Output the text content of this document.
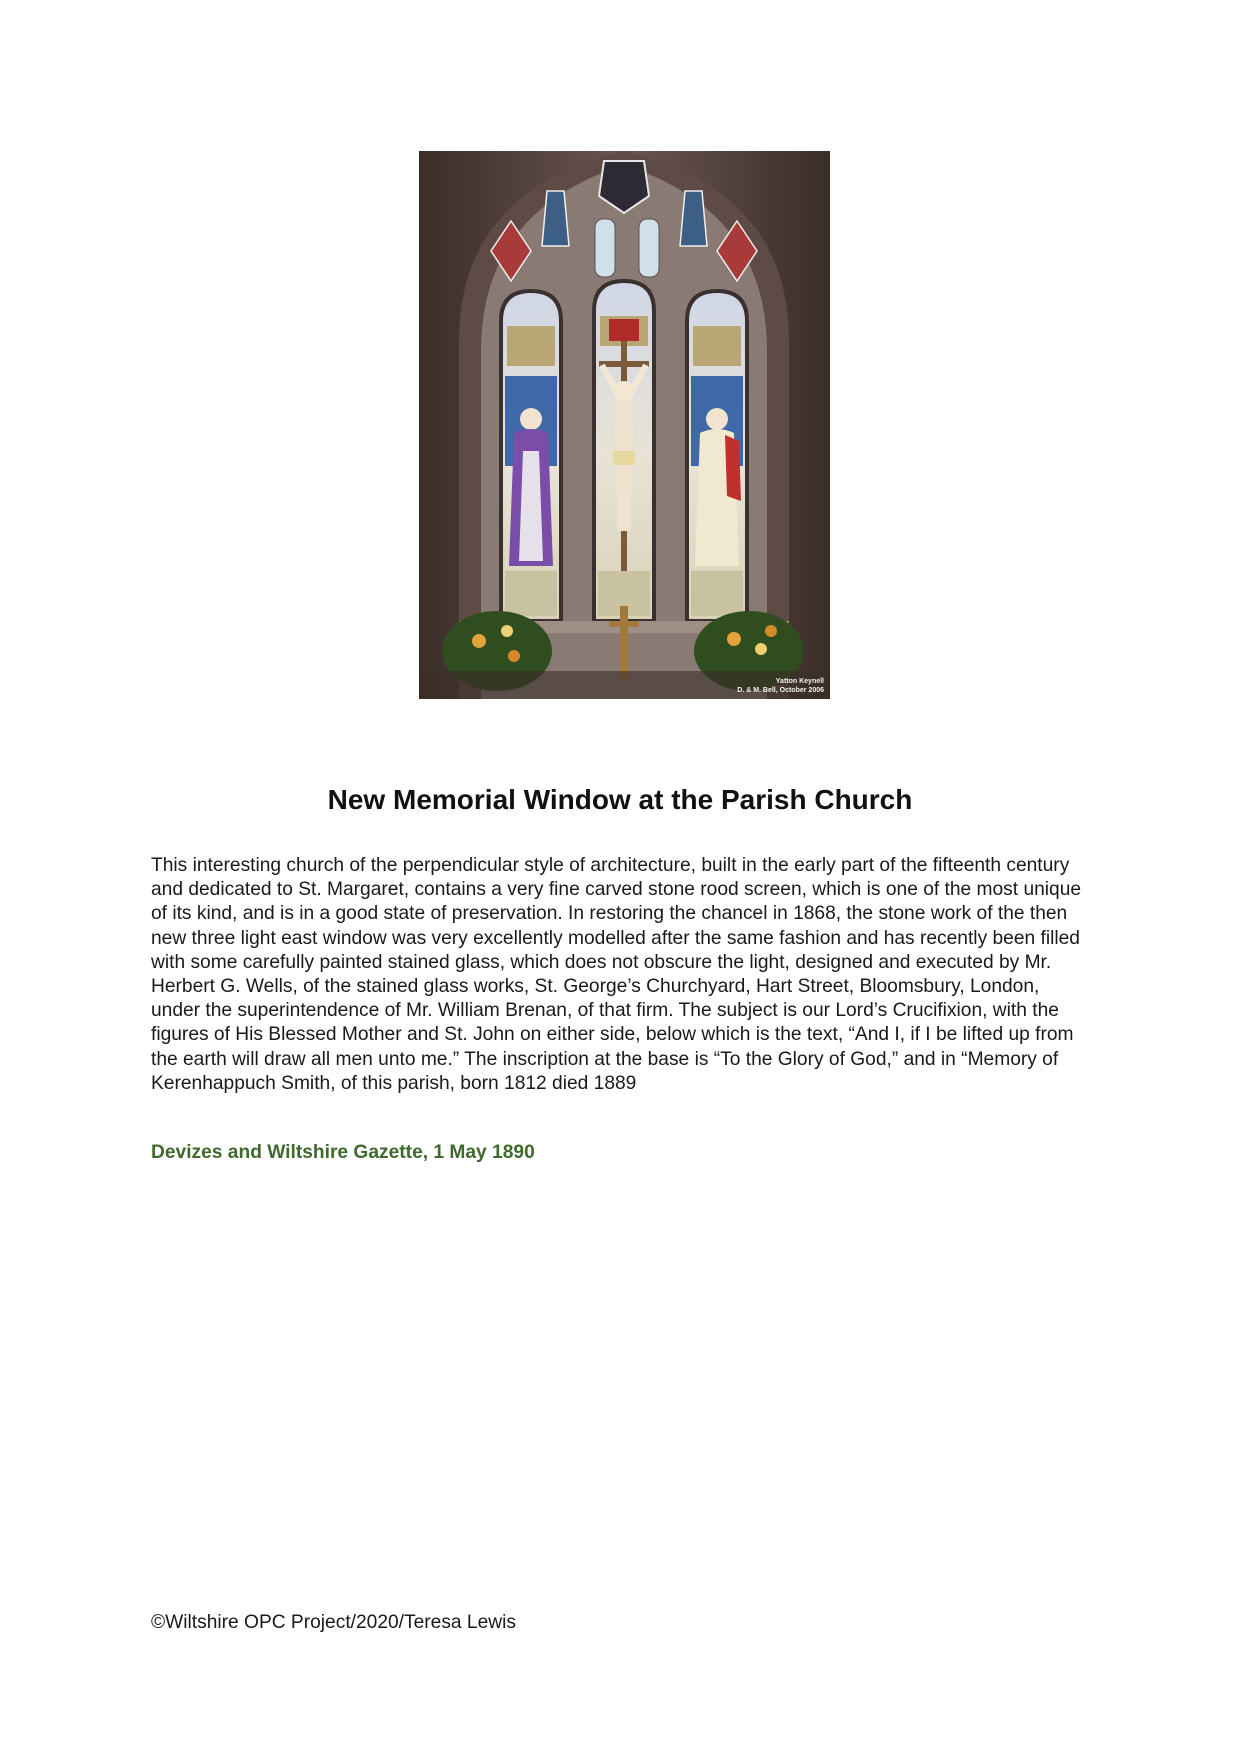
Yatton Keynell
D. & M. Bell, October 2006
New Memorial Window at the Parish Church

This interesting church of the perpendicular style of architecture, built in the early part of the fifteenth century and dedicated to St. Margaret, contains a very fine carved stone rood screen, which is one of the most unique of its kind, and is in a good state of preservation. In restoring the chancel in 1868, the stone work of the then new three light east window was very excellently modelled after the same fashion and has recently been filled with some carefully painted stained glass, which does not obscure the light, designed and executed by Mr. Herbert G. Wells, of the stained glass works, St. George’s Churchyard, Hart Street, Bloomsbury, London, under the superintendence of Mr. William Brenan, of that firm. The subject is our Lord’s Crucifixion, with the figures of His Blessed Mother and St. John on either side, below which is the text, “And I, if I be lifted up from the earth will draw all men unto me.” The inscription at the base is “To the Glory of God,” and in “Memory of Kerenhappuch Smith, of this parish, born 1812 died 1889

Devizes and Wiltshire Gazette, 1 May 1890

©Wiltshire OPC Project/2020/Teresa Lewis
